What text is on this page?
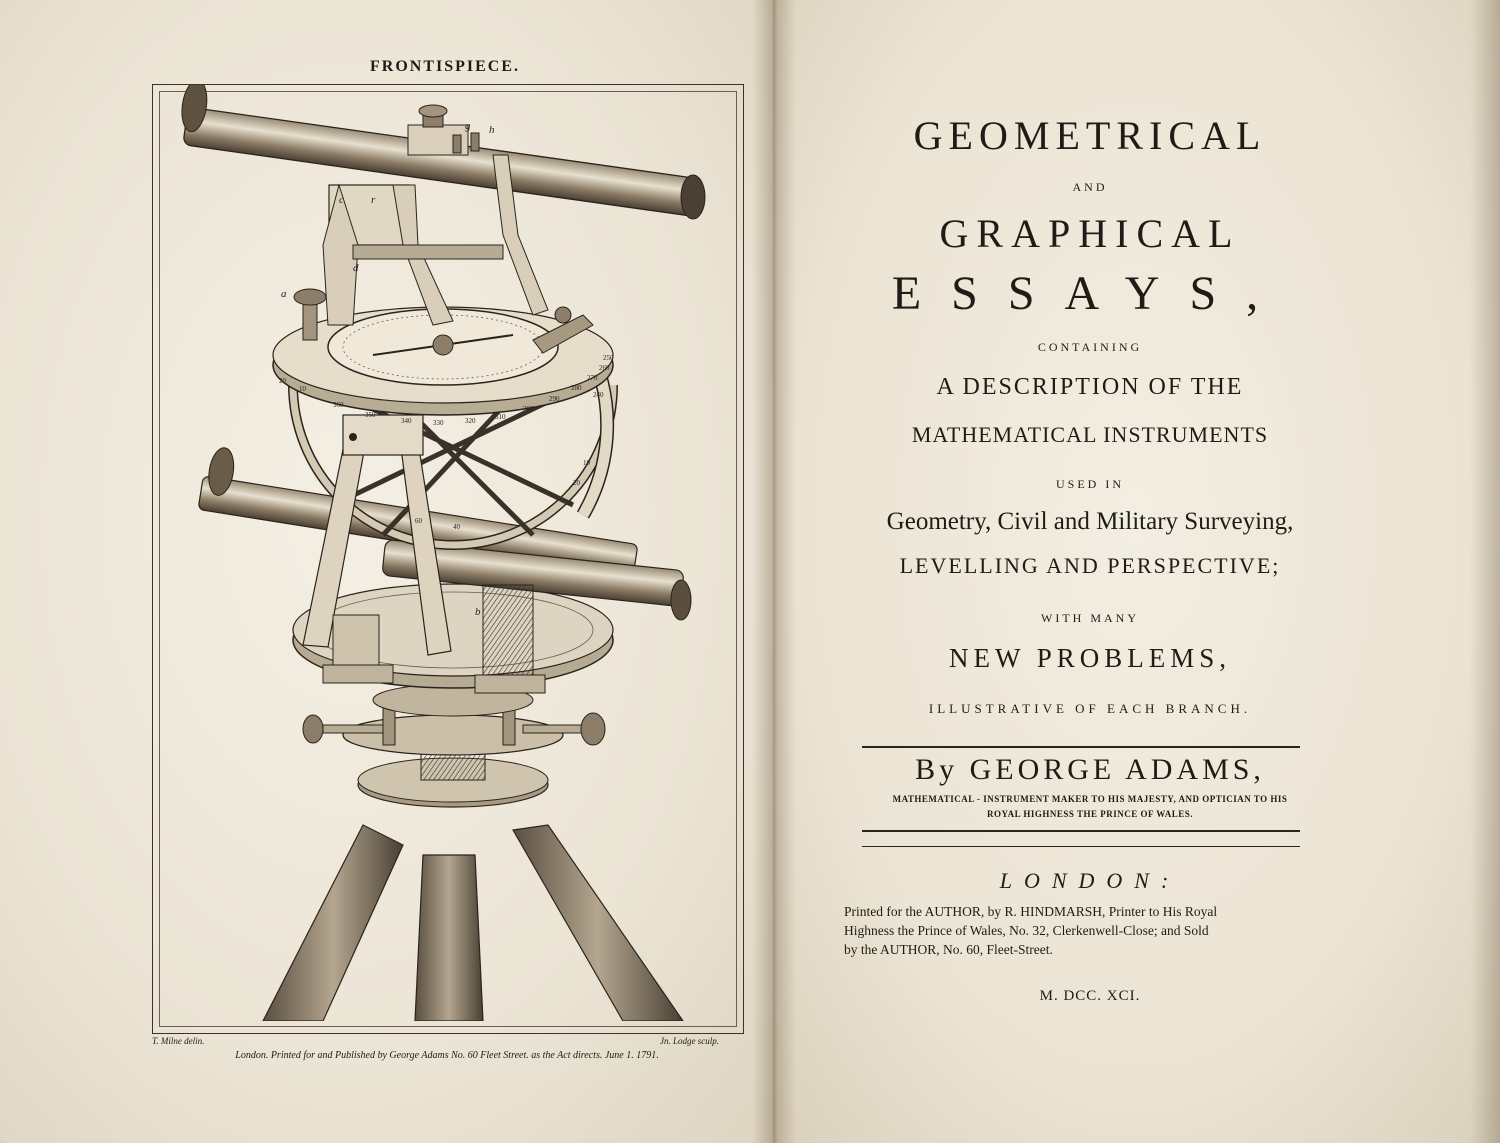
FRONTISPIECE.
g h
c r
d
a
b
20
10
360
350
340	330	320	310
300
290
280
270
260
250
240
60
40
20
10
30
T. Milne delin.	Jn. Lodge sculp.
London. Printed for and Published by George Adams No. 60 Fleet Street. as the Act directs. June 1. 1791.
GEOMETRICAL
AND
GRAPHICAL
ESSAYS,
CONTAINING
A DESCRIPTION OF THE
MATHEMATICAL INSTRUMENTS
USED IN
Geometry, Civil and Military Surveying,
LEVELLING AND PERSPECTIVE;
WITH MANY
NEW PROBLEMS,
ILLUSTRATIVE OF EACH BRANCH.
By GEORGE ADAMS,
MATHEMATICAL - INSTRUMENT MAKER TO HIS MAJESTY, AND OPTICIAN TO HIS
ROYAL HIGHNESS THE PRINCE OF WALES.
LONDON:
Printed for the AUTHOR, by R. HINDMARSH, Printer to His Royal
Highness the Prince of Wales, No. 32, Clerkenwell-Close; and Sold
by the AUTHOR, No. 60, Fleet-Street.
M. DCC. XCI.
